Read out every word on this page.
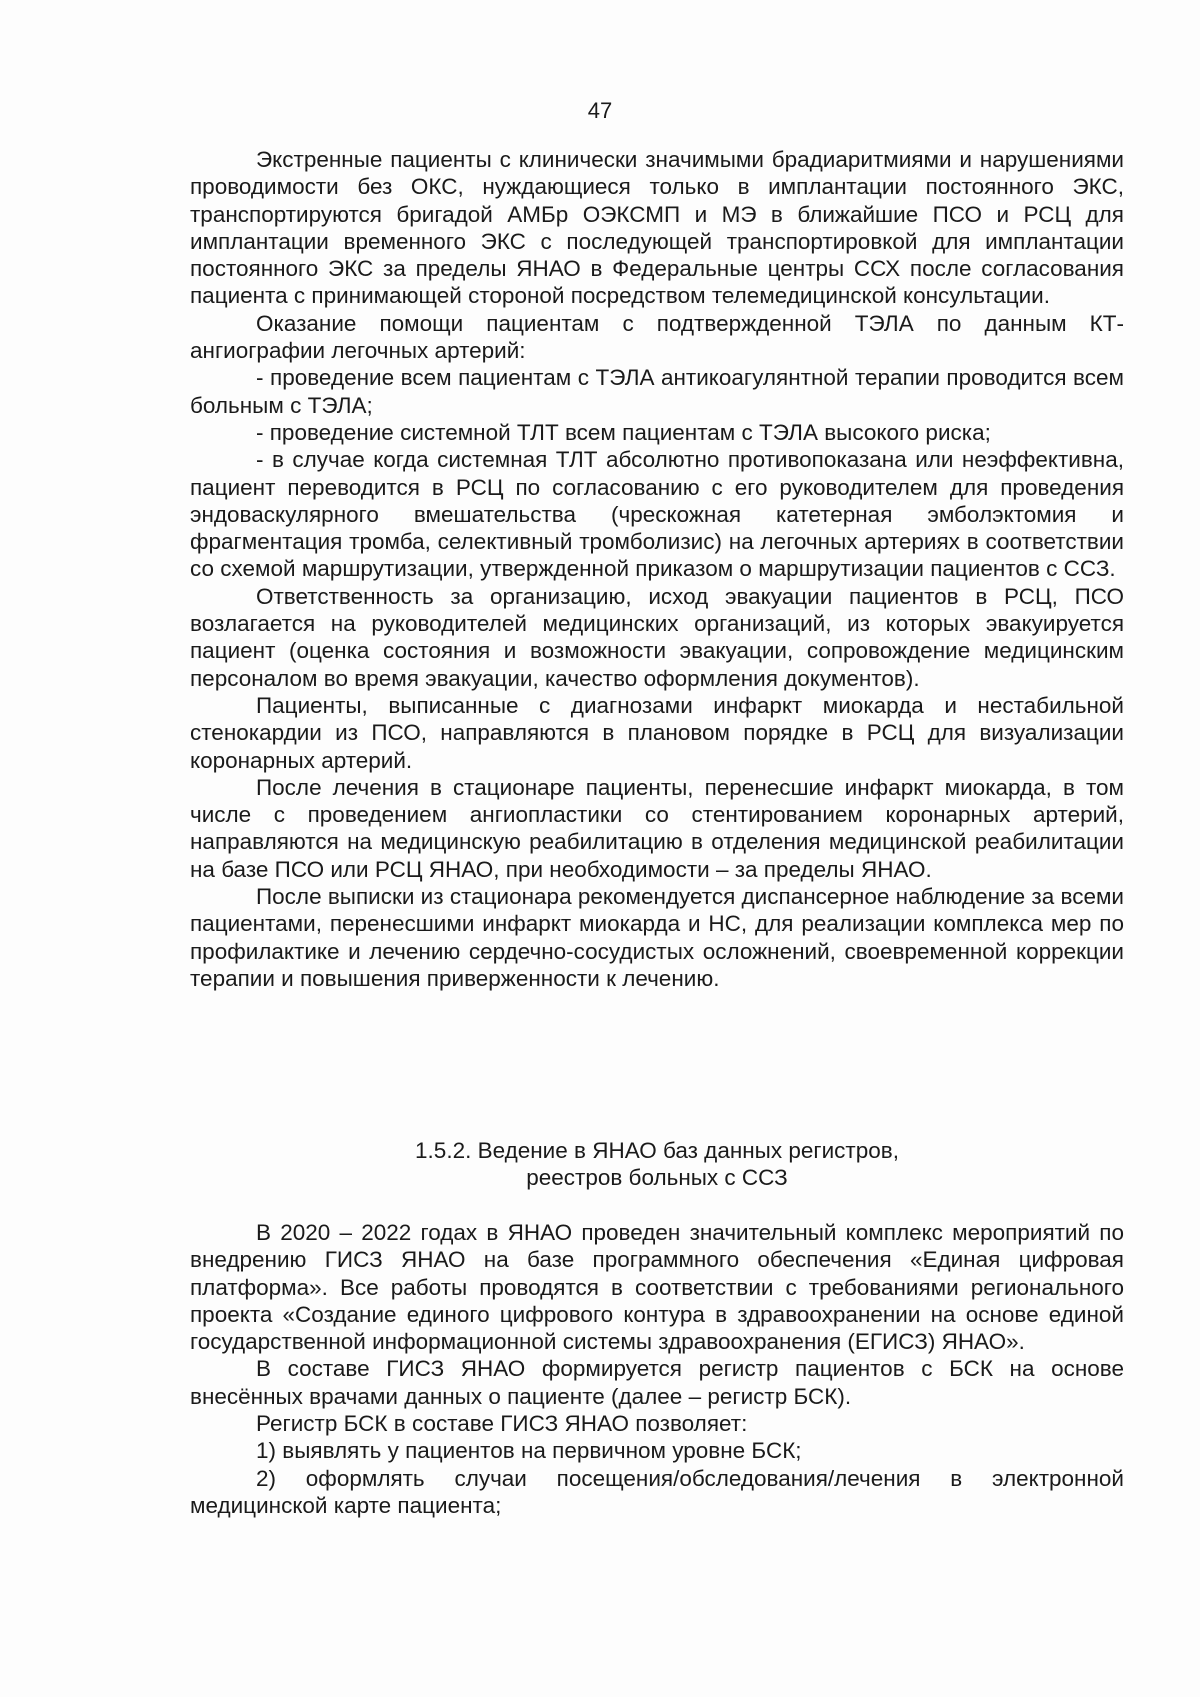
47

Экстренные пациенты с клинически значимыми брадиаритмиями и нарушениями проводимости без ОКС, нуждающиеся только в имплантации постоянного ЭКС, транспортируются бригадой АМБр ОЭКСМП и МЭ в ближайшие ПСО и РСЦ для имплантации временного ЭКС с последующей транспортировкой для имплантации постоянного ЭКС за пределы ЯНАО в Федеральные центры ССХ после согласования пациента с принимающей стороной посредством телемедицинской консультации.

Оказание помощи пациентам с подтвержденной ТЭЛА по данным КТ-ангиографии легочных артерий:

- проведение всем пациентам с ТЭЛА антикоагулянтной терапии проводится всем больным с ТЭЛА;

- проведение системной ТЛТ всем пациентам с ТЭЛА высокого риска;

- в случае когда системная ТЛТ абсолютно противопоказана или неэффективна, пациент переводится в РСЦ по согласованию с его руководителем для проведения эндоваскулярного вмешательства (чрескожная катетерная эмболэктомия и фрагментация тромба, селективный тромболизис) на легочных артериях в соответствии со схемой маршрутизации, утвержденной приказом о маршрутизации пациентов с ССЗ.

Ответственность за организацию, исход эвакуации пациентов в РСЦ, ПСО возлагается на руководителей медицинских организаций, из которых эвакуируется пациент (оценка состояния и возможности эвакуации, сопровождение медицинским персоналом во время эвакуации, качество оформления документов).

Пациенты, выписанные с диагнозами инфаркт миокарда и нестабильной стенокардии из ПСО, направляются в плановом порядке в РСЦ для визуализации коронарных артерий.

После лечения в стационаре пациенты, перенесшие инфаркт миокарда, в том числе с проведением ангиопластики со стентированием коронарных артерий, направляются на медицинскую реабилитацию в отделения медицинской реабилитации на базе ПСО или РСЦ ЯНАО, при необходимости – за пределы ЯНАО.

После выписки из стационара рекомендуется диспансерное наблюдение за всеми пациентами, перенесшими инфаркт миокарда и НС, для реализации комплекса мер по профилактике и лечению сердечно-сосудистых осложнений, своевременной коррекции терапии и повышения приверженности к лечению.

1.5.2. Ведение в ЯНАО баз данных регистров,
реестров больных с ССЗ

В 2020 – 2022 годах в ЯНАО проведен значительный комплекс мероприятий по внедрению ГИСЗ ЯНАО на базе программного обеспечения «Единая цифровая платформа». Все работы проводятся в соответствии с требованиями регионального проекта «Создание единого цифрового контура в здравоохранении на основе единой государственной информационной системы здравоохранения (ЕГИСЗ) ЯНАО».

В составе ГИСЗ ЯНАО формируется регистр пациентов с БСК на основе внесённых врачами данных о пациенте (далее – регистр БСК).

Регистр БСК в составе ГИСЗ ЯНАО позволяет:

1) выявлять у пациентов на первичном уровне БСК;

2) оформлять случаи посещения/обследования/лечения в электронной медицинской карте пациента;
